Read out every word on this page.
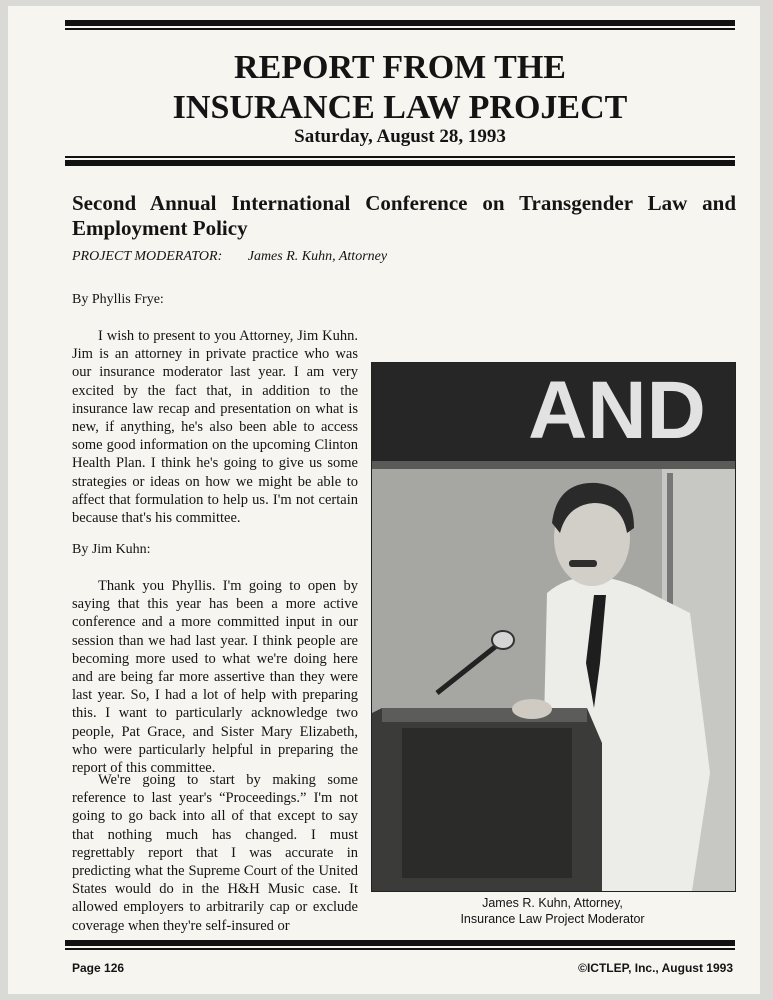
REPORT FROM THE
INSURANCE LAW PROJECT
Saturday, August 28, 1993
Second Annual International Conference on Transgender Law and Employment Policy
PROJECT MODERATOR: James R. Kuhn, Attorney
By Phyllis Frye:

I wish to present to you Attorney, Jim Kuhn. Jim is an attorney in private practice who was our insurance moderator last year. I am very excited by the fact that, in addition to the insurance law recap and presentation on what is new, if anything, he's also been able to access some good information on the upcoming Clinton Health Plan. I think he's going to give us some strategies or ideas on how we might be able to affect that formulation to help us. I'm not certain because that's his committee.

By Jim Kuhn:

Thank you Phyllis. I'm going to open by saying that this year has been a more active conference and a more committed input in our session than we had last year. I think people are becoming more used to what we're doing here and are being far more assertive than they were last year. So, I had a lot of help with preparing this. I want to particularly acknowledge two people, Pat Grace, and Sister Mary Elizabeth, who were particularly helpful in preparing the report of this committee.

We're going to start by making some reference to last year's “Proceedings.” I'm not going to go back into all of that except to say that nothing much has changed. I must regrettably report that I was accurate in predicting what the Supreme Court of the United States would do in the H&H Music case. It allowed employers to arbitrarily cap or exclude coverage when they're self-insured or

AND
James R. Kuhn, Attorney,
Insurance Law Project Moderator
Page 126	©ICTLEP, Inc., August 1993
